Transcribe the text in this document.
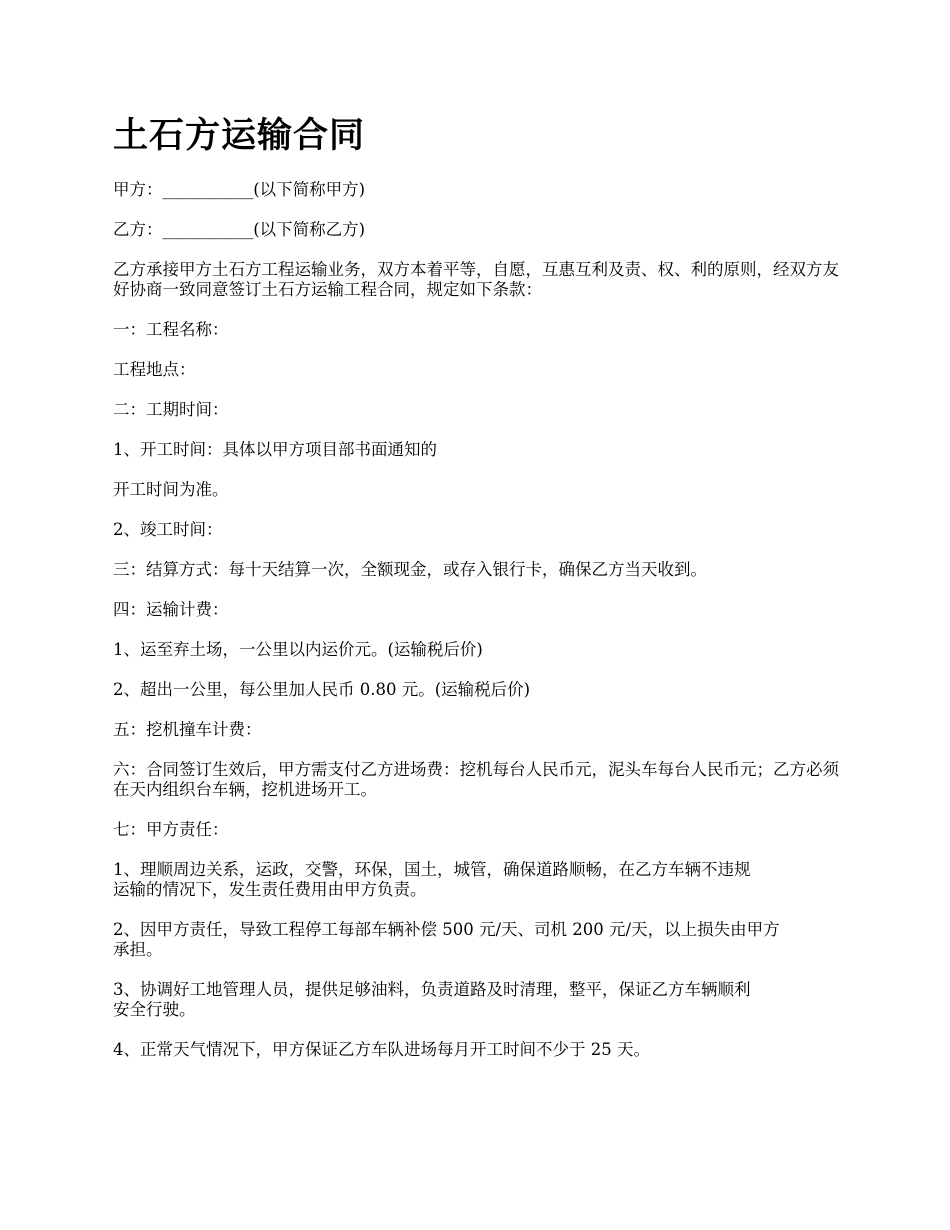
土石方运输合同

甲方：___________(以下简称甲方)

乙方：___________(以下简称乙方)

乙方承接甲方土石方工程运输业务，双方本着平等，自愿，互惠互利及责、权、利的原则，经双方友好协商一致同意签订土石方运输工程合同，规定如下条款：

一：工程名称：

工程地点：

二：工期时间：

1、开工时间：具体以甲方项目部书面通知的

开工时间为准。

2、竣工时间：

三：结算方式：每十天结算一次，全额现金，或存入银行卡，确保乙方当天收到。

四：运输计费：

1、运至弃土场，一公里以内运价元。(运输税后价)

2、超出一公里，每公里加人民币 0.80 元。(运输税后价)

五：挖机撞车计费：

六：合同签订生效后，甲方需支付乙方进场费：挖机每台人民币元，泥头车每台人民币元；乙方必须在天内组织台车辆，挖机进场开工。

七：甲方责任：

1、理顺周边关系，运政，交警，环保，国土，城管，确保道路顺畅，在乙方车辆不违规
运输的情况下，发生责任费用由甲方负责。

2、因甲方责任，导致工程停工每部车辆补偿 500 元/天、司机 200 元/天，以上损失由甲方
承担。

3、协调好工地管理人员，提供足够油料，负责道路及时清理，整平，保证乙方车辆顺利
安全行驶。

4、正常天气情况下，甲方保证乙方车队进场每月开工时间不少于 25 天。
